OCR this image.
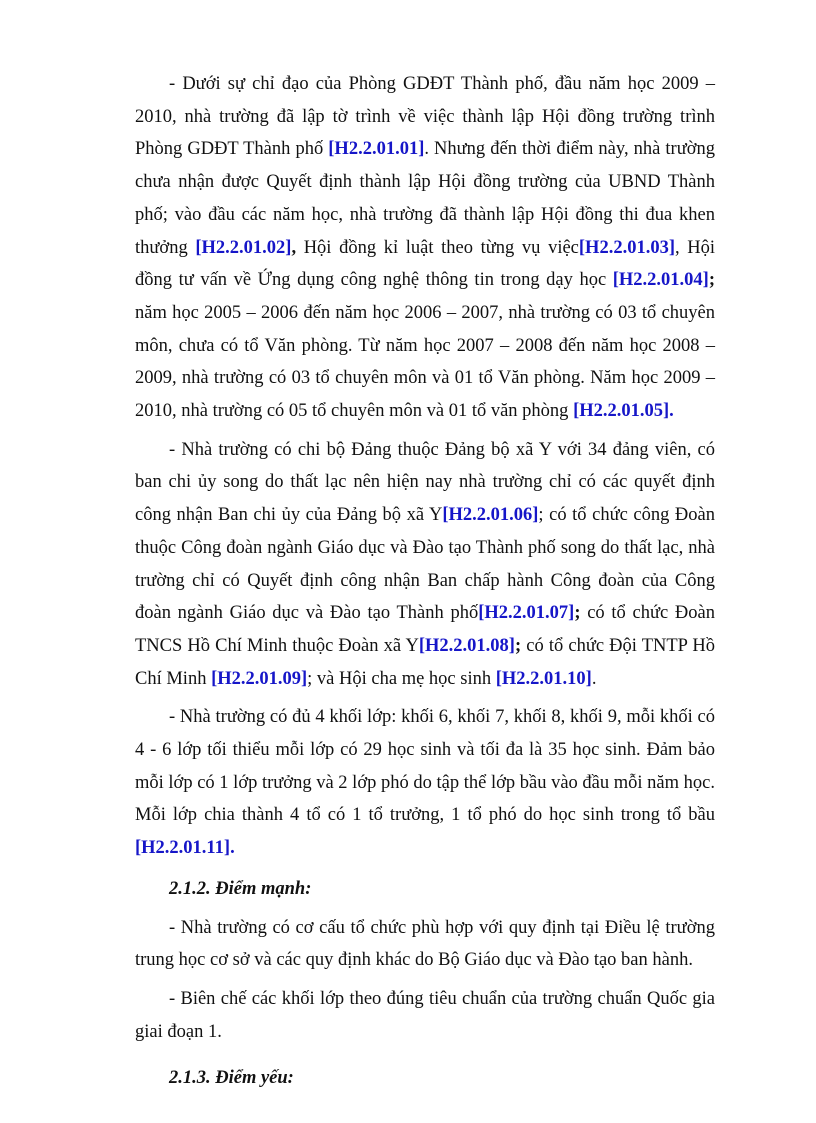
- Dưới sự chỉ đạo của Phòng GDĐT Thành phố, đầu năm học 2009 – 2010, nhà trường đã lập tờ trình về việc thành lập Hội đồng trường trình Phòng GDĐT Thành phố [H2.2.01.01]. Nhưng đến thời điểm này, nhà trường chưa nhận được Quyết định thành lập Hội đồng trường của UBND Thành phố; vào đầu các năm học, nhà trường đã thành lập Hội đồng thi đua khen thưởng [H2.2.01.02], Hội đồng kỉ luật theo từng vụ việc[H2.2.01.03], Hội đồng tư vấn về Ứng dụng công nghệ thông tin trong dạy học [H2.2.01.04]; năm học 2005 – 2006 đến năm học 2006 – 2007, nhà trường có 03 tổ chuyên môn, chưa có tổ Văn phòng. Từ năm học 2007 – 2008 đến năm học 2008 – 2009, nhà trường có 03 tổ chuyên môn và 01 tổ Văn phòng. Năm học 2009 – 2010, nhà trường có 05 tổ chuyên môn và 01 tổ văn phòng [H2.2.01.05].

- Nhà trường có chi bộ Đảng thuộc Đảng bộ xã Y với 34 đảng viên, có ban chi ủy song do thất lạc nên hiện nay nhà trường chỉ có các quyết định công nhận Ban chi ủy của Đảng bộ xã Y[H2.2.01.06]; có tổ chức công Đoàn thuộc Công đoàn ngành Giáo dục và Đào tạo Thành phố song do thất lạc, nhà trường chỉ có Quyết định công nhận Ban chấp hành Công đoàn của Công đoàn ngành Giáo dục và Đào tạo Thành phố[H2.2.01.07]; có tổ chức Đoàn TNCS Hồ Chí Minh thuộc Đoàn xã Y[H2.2.01.08]; có tổ chức Đội TNTP Hồ Chí Minh [H2.2.01.09]; và Hội cha mẹ học sinh [H2.2.01.10].

- Nhà trường có đủ 4 khối lớp: khối 6, khối 7, khối 8, khối 9, mỗi khối có 4 - 6 lớp tối thiểu mỗi lớp có 29 học sinh và tối đa là 35 học sinh. Đảm bảo mỗi lớp có 1 lớp trưởng và 2 lớp phó do tập thể lớp bầu vào đầu mỗi năm học. Mỗi lớp chia thành 4 tổ có 1 tổ trưởng, 1 tổ phó do học sinh trong tổ bầu [H2.2.01.11].

2.1.2. Điểm mạnh:

- Nhà trường có cơ cấu tổ chức phù hợp với quy định tại Điều lệ trường trung học cơ sở và các quy định khác do Bộ Giáo dục và Đào tạo ban hành.

- Biên chế các khối lớp theo đúng tiêu chuẩn của trường chuẩn Quốc gia giai đoạn 1.

2.1.3. Điểm yếu:
